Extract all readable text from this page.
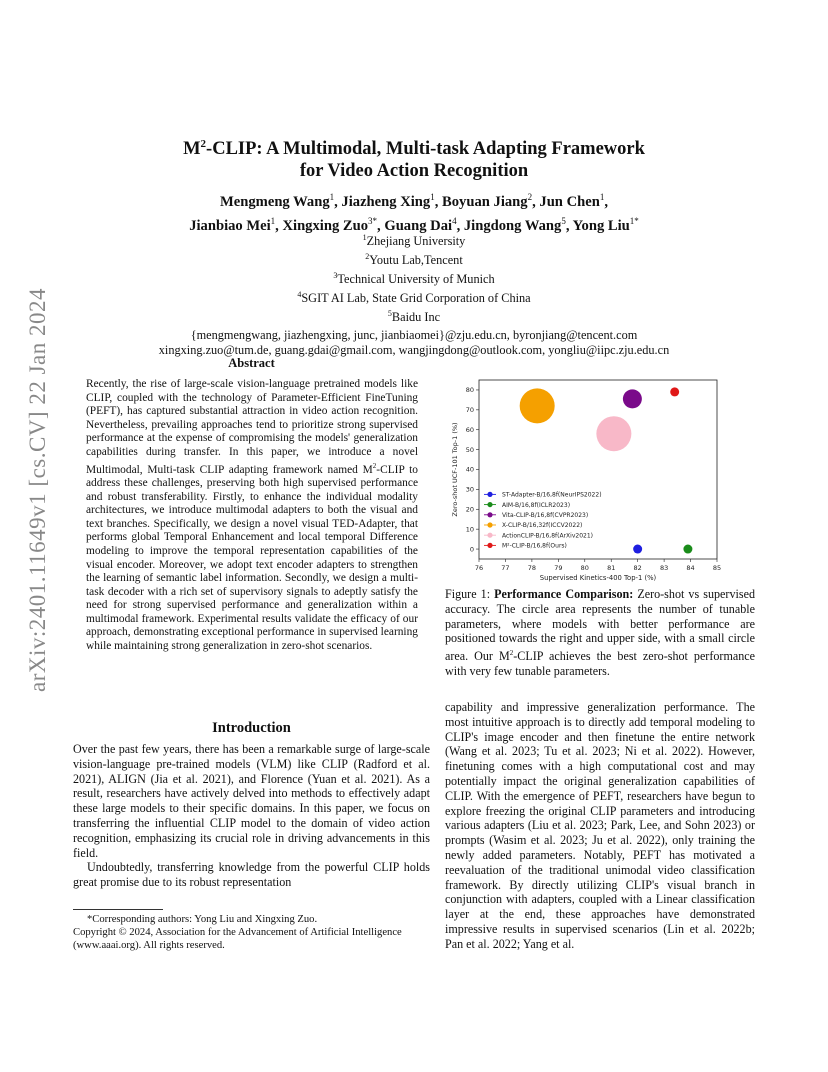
arXiv:2401.11649v1 [cs.CV] 22 Jan 2024
$M^2$-CLIP: A Multimodal, Multi-task Adapting Framework
for Video Action Recognition
Mengmeng Wang$^1$, Jiazheng Xing$^1$, Boyuan Jiang$^2$, Jun Chen$^1$,
Jianbiao Mei$^1$, Xingxing Zuo$^{3*}$, Guang Dai$^4$, Jingdong Wang$^5$, Yong Liu$^{1*}$
$^1$Zhejiang University
$^2$Youtu Lab,Tencent
$^3$Technical University of Munich
$^4$SGIT AI Lab, State Grid Corporation of China
$^5$Baidu Inc
{mengmengwang, jiazhengxing, junc, jianbiaomei}@zju.edu.cn, byronjiang@tencent.com
xingxing.zuo@tum.de, guang.gdai@gmail.com, wangjingdong@outlook.com, yongliu@iipc.zju.edu.cn
Abstract
Recently, the rise of large-scale vision-language pretrained models like CLIP, coupled with the technology of Parameter-Efficient FineTuning (PEFT), has captured substantial attraction in video action recognition. Nevertheless, prevailing approaches tend to prioritize strong supervised performance at the expense of compromising the models' generalization capabilities during transfer. In this paper, we introduce a novel Multimodal, Multi-task CLIP adapting framework named $M^2$-CLIP to address these challenges, preserving both high supervised performance and robust transferability. Firstly, to enhance the individual modality architectures, we introduce multimodal adapters to both the visual and text branches. Specifically, we design a novel visual TED-Adapter, that performs global Temporal Enhancement and local temporal Difference modeling to improve the temporal representation capabilities of the visual encoder. Moreover, we adopt text encoder adapters to strengthen the learning of semantic label information. Secondly, we design a multi-task decoder with a rich set of supervisory signals to adeptly satisfy the need for strong supervised performance and generalization within a multimodal framework. Experimental results validate the efficacy of our approach, demonstrating exceptional performance in supervised learning while maintaining strong generalization in zero-shot scenarios.
Introduction

Over the past few years, there has been a remarkable surge of large-scale vision-language pre-trained models (VLM) like CLIP (Radford et al. 2021), ALIGN (Jia et al. 2021), and Florence (Yuan et al. 2021). As a result, researchers have actively delved into methods to effectively adapt these large models to their specific domains. In this paper, we focus on transferring the influential CLIP model to the domain of video action recognition, emphasizing its crucial role in driving advancements in this field.

Undoubtedly, transferring knowledge from the powerful CLIP holds great promise due to its robust representation

*Corresponding authors: Yong Liu and Xingxing Zuo.
Copyright © 2024, Association for the Advancement of Artificial Intelligence (www.aaai.org). All rights reserved.
76	77	78	79	80	81	82	83	84	85
0
10
20
30
40
50
60
70
80
Supervised Kinetics-400 Top-1 (%)
Zero-shot UCF-101 Top-1 (%)	ST-Adapter-B/16,8f(NeurIPS2022)
AIM-B/16,8f(ICLR2023)
Vita-CLIP-B/16,8f(CVPR2023)
X-CLIP-B/16,32f(ICCV2022)
ActionCLIP-B/16,8f(ArXiv2021)
M²-CLIP-B/16,8f(Ours)
Figure 1: Performance Comparison: Zero-shot vs supervised accuracy. The circle area represents the number of tunable parameters, where models with better performance are positioned towards the right and upper side, with a small circle area. Our $M^2$-CLIP achieves the best zero-shot performance with very few tunable parameters.
capability and impressive generalization performance. The most intuitive approach is to directly add temporal modeling to CLIP's image encoder and then finetune the entire network (Wang et al. 2023; Tu et al. 2023; Ni et al. 2022). However, finetuning comes with a high computational cost and may potentially impact the original generalization capabilities of CLIP. With the emergence of PEFT, researchers have begun to explore freezing the original CLIP parameters and introducing various adapters (Liu et al. 2023; Park, Lee, and Sohn 2023) or prompts (Wasim et al. 2023; Ju et al. 2022), only training the newly added parameters. Notably, PEFT has motivated a reevaluation of the traditional unimodal video classification framework. By directly utilizing CLIP's visual branch in conjunction with adapters, coupled with a Linear classification layer at the end, these approaches have demonstrated impressive results in supervised scenarios (Lin et al. 2022b; Pan et al. 2022; Yang et al.
